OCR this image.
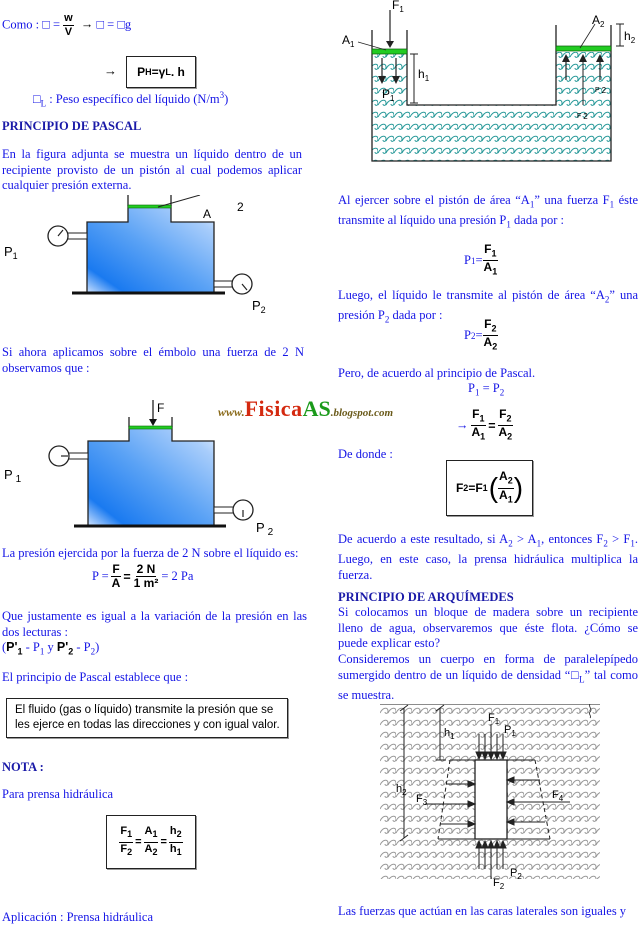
Como : □ = $\frac{w}{V}$ → □ = □g
→ P H = γ L . h
$□_L$ : Peso específico del líquido $(N/m^3)$
PRINCIPIO DE PASCAL
En la figura adjunta se muestra un líquido dentro de un recipiente provisto de un pistón al cual podemos aplicar cualquier presión externa.
A 2
$P_1$
$P_2$
Si ahora aplicamos sobre el émbolo una fuerza de 2 N observamos que :
F
P $_1$
P $_2$
La presión ejercida por la fuerza de 2 N sobre el líquido es:
$P = \frac{F}{A} = \frac{2 N}{\text{1 m²}} = 2$ Pa
Que justamente es igual a la variación de la presión en las dos lecturas :
($P'_1 - P_1$ y $P'_2 - P_2$)
El principio de Pascal establece que :
El fluido (gas o líquido) transmite la presión que se les ejerce en todas las direcciones y con igual valor.
NOTA :
Para prensa hidráulica
$\frac{F_1}{F_2} = \frac{A_1}{A_2} = \frac{h_2}{h_1}$
Aplicación : Prensa hidráulica
www.FisicaAS.blogspot.com
$F_1$
$A_1$
$A_2$
$h_1$
$h_2$
$P_1$
P 2
F 2
Al ejercer sobre el pistón de área “$A_1$” una fuerza $F_1$ éste transmite al líquido una presión $P_1$ dada por :
P $1 = \frac{F_1}{A_1}$
Luego, el líquido le transmite al pistón de área “$A_2$” una presión $P_2$ dada por :
P $2 = \frac{F_2}{A_2}$
Pero, de acuerdo al principio de Pascal.
$P_1 = P_2$
→ $\frac{F_1}{A_1} = \frac{F_2}{A_2}$
De donde :
F 2 = F 1 ( $\frac{A_2}{A_1}$ )
De acuerdo a este resultado, si $A_2 > A_1$, entonces $F_2 > F_1$. Luego, en este caso, la prensa hidráulica multiplica la fuerza.
PRINCIPIO DE ARQUÍMEDES
Si colocamos un bloque de madera sobre un recipiente lleno de agua, observaremos que éste flota. ¿Cómo se puede explicar esto?
Consideremos un cuerpo en forma de paralelepípedo sumergido dentro de un líquido de densidad “$□_L$” tal como se muestra.
$F_1$
$P_1$
$h_1$
$h_2$
$F_3$
$F_4$
$F_2$
$P_2$
Las fuerzas que actúan en las caras laterales son iguales y
